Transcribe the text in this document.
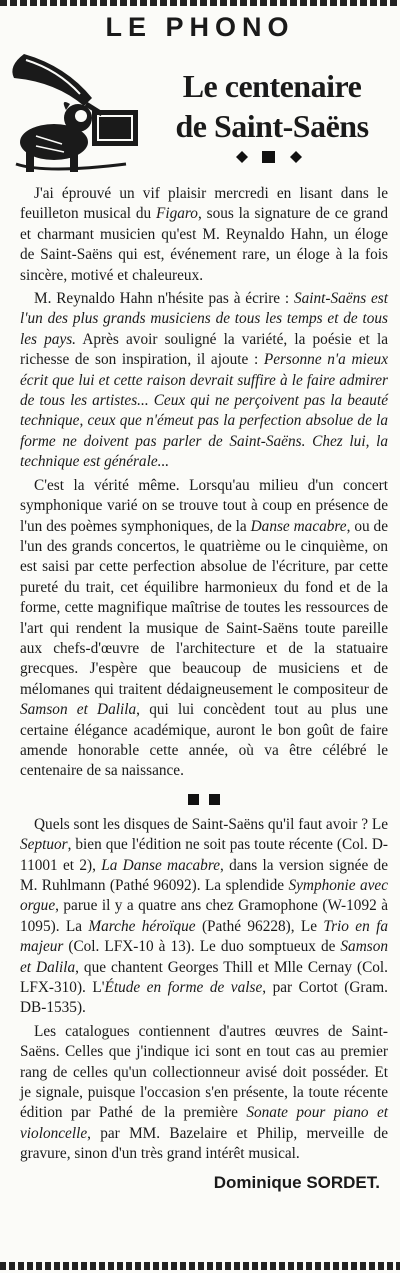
LE PHONO
Le centenaire
de Saint-Saëns

J'ai éprouvé un vif plaisir mercredi en lisant dans le feuilleton musical du Figaro, sous la signature de ce grand et charmant musicien qu'est M. Reynaldo Hahn, un éloge de Saint-Saëns qui est, événement rare, un éloge à la fois sincère, motivé et chaleureux.

M. Reynaldo Hahn n'hésite pas à écrire : Saint-Saëns est l'un des plus grands musiciens de tous les temps et de tous les pays. Après avoir souligné la variété, la poésie et la richesse de son inspiration, il ajoute : Personne n'a mieux écrit que lui et cette raison devrait suffire à le faire admirer de tous les artistes... Ceux qui ne perçoivent pas la beauté technique, ceux que n'émeut pas la perfection absolue de la forme ne doivent pas parler de Saint-Saëns. Chez lui, la technique est générale...

C'est la vérité même. Lorsqu'au milieu d'un concert symphonique varié on se trouve tout à coup en présence de l'un des poèmes symphoniques, de la Danse macabre, ou de l'un des grands concertos, le quatrième ou le cinquième, on est saisi par cette perfection absolue de l'écriture, par cette pureté du trait, cet équilibre harmonieux du fond et de la forme, cette magnifique maîtrise de toutes les ressources de l'art qui rendent la musique de Saint-Saëns toute pareille aux chefs-d'œuvre de l'architecture et de la statuaire grecques. J'espère que beaucoup de musiciens et de mélomanes qui traitent dédaigneusement le compositeur de Samson et Dalila, qui lui concèdent tout au plus une certaine élégance académique, auront le bon goût de faire amende honorable cette année, où va être célébré le centenaire de sa naissance.

Quels sont les disques de Saint-Saëns qu'il faut avoir ? Le Septuor, bien que l'édition ne soit pas toute récente (Col. D-11001 et 2), La Danse macabre, dans la version signée de M. Ruhlmann (Pathé 96092). La splendide Symphonie avec orgue, parue il y a quatre ans chez Gramophone (W-1092 à 1095). La Marche héroïque (Pathé 96228), Le Trio en fa majeur (Col. LFX-10 à 13). Le duo somptueux de Samson et Dalila, que chantent Georges Thill et Mlle Cernay (Col. LFX-310). L'Étude en forme de valse, par Cortot (Gram. DB-1535).

Les catalogues contiennent d'autres œuvres de Saint-Saëns. Celles que j'indique ici sont en tout cas au premier rang de celles qu'un collectionneur avisé doit posséder. Et je signale, puisque l'occasion s'en présente, la toute récente édition par Pathé de la première Sonate pour piano et violoncelle, par MM. Bazelaire et Philip, merveille de gravure, sinon d'un très grand intérêt musical.

Dominique SORDET.
